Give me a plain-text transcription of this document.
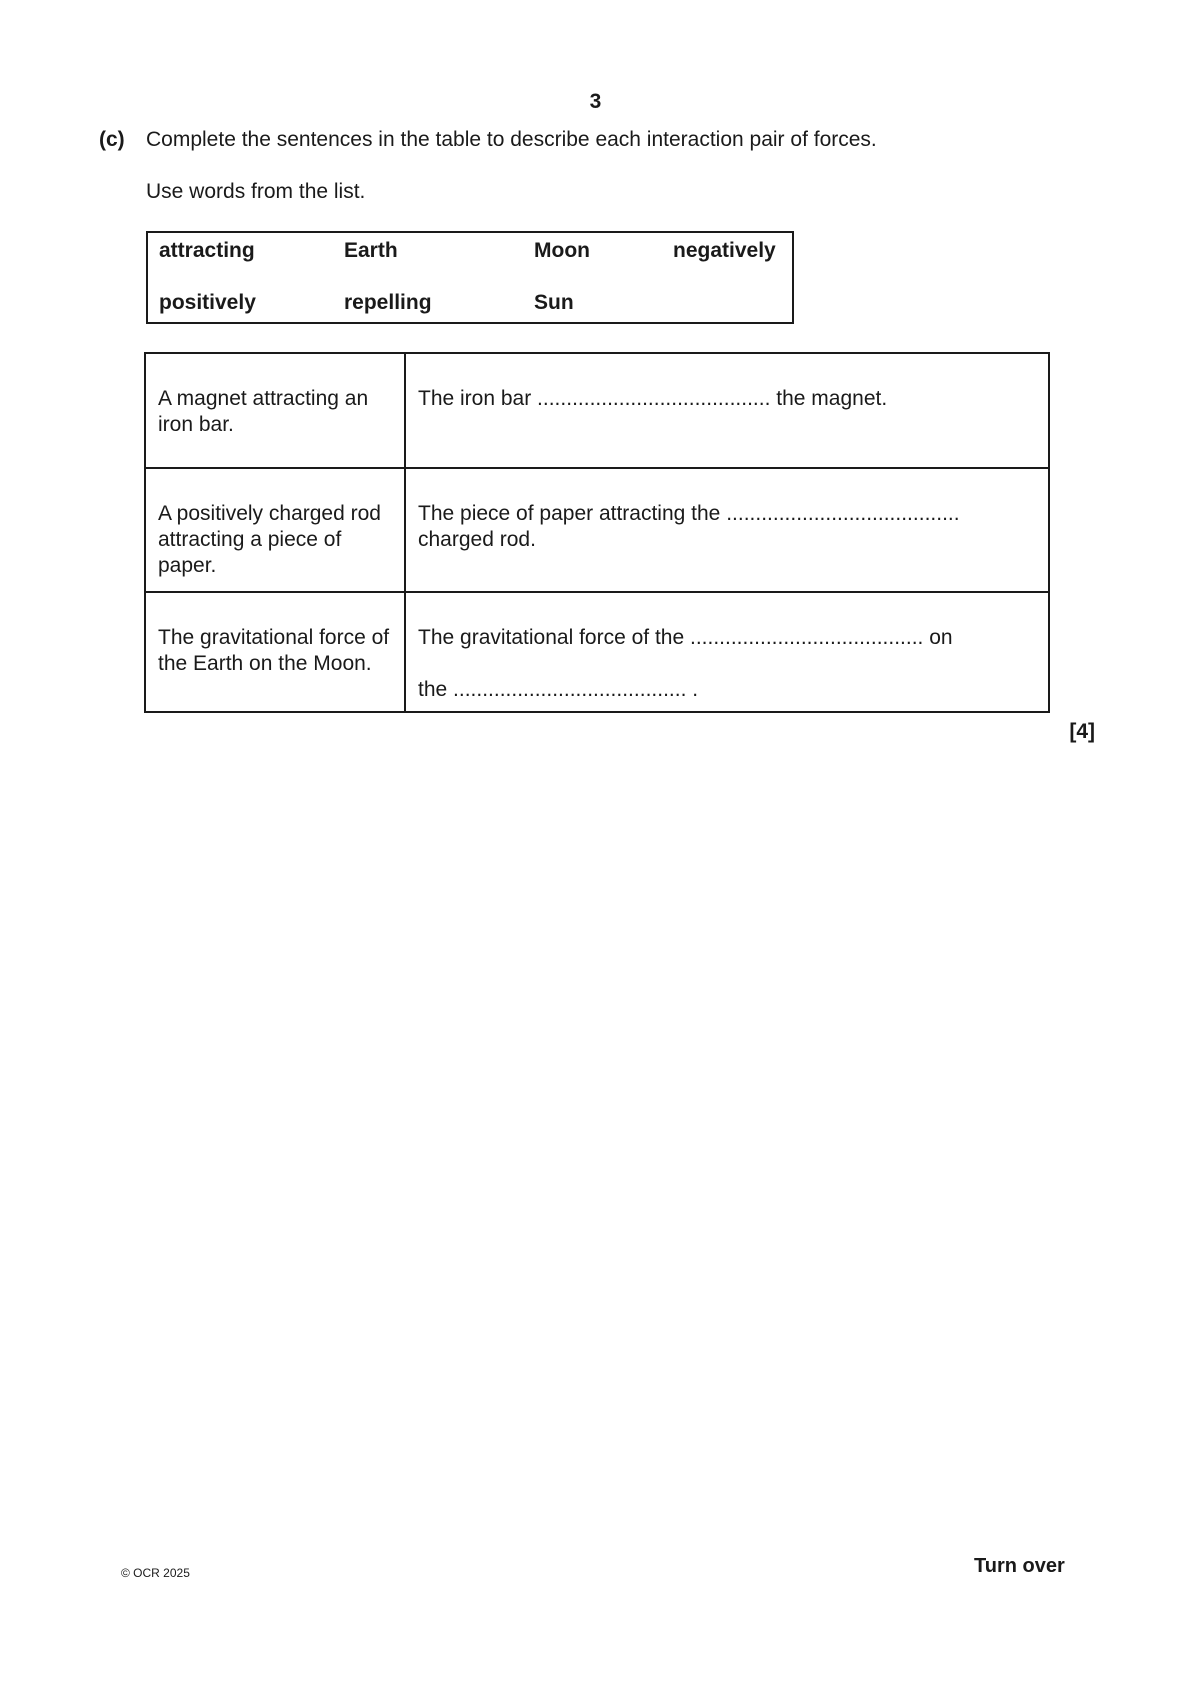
3
(c) Complete the sentences in the table to describe each interaction pair of forces.
Use words from the list.
attracting	Earth	Moon	negatively
positively	repelling	Sun
A magnet attracting an iron bar.	The iron bar ........................................ the magnet.
A positively charged rod attracting a piece of paper.	The piece of paper attracting the ........................................ charged rod.
The gravitational force of the Earth on the Moon.	The gravitational force of the ........................................ on
the ........................................ .
[4]
© OCR 2025	Turn over
